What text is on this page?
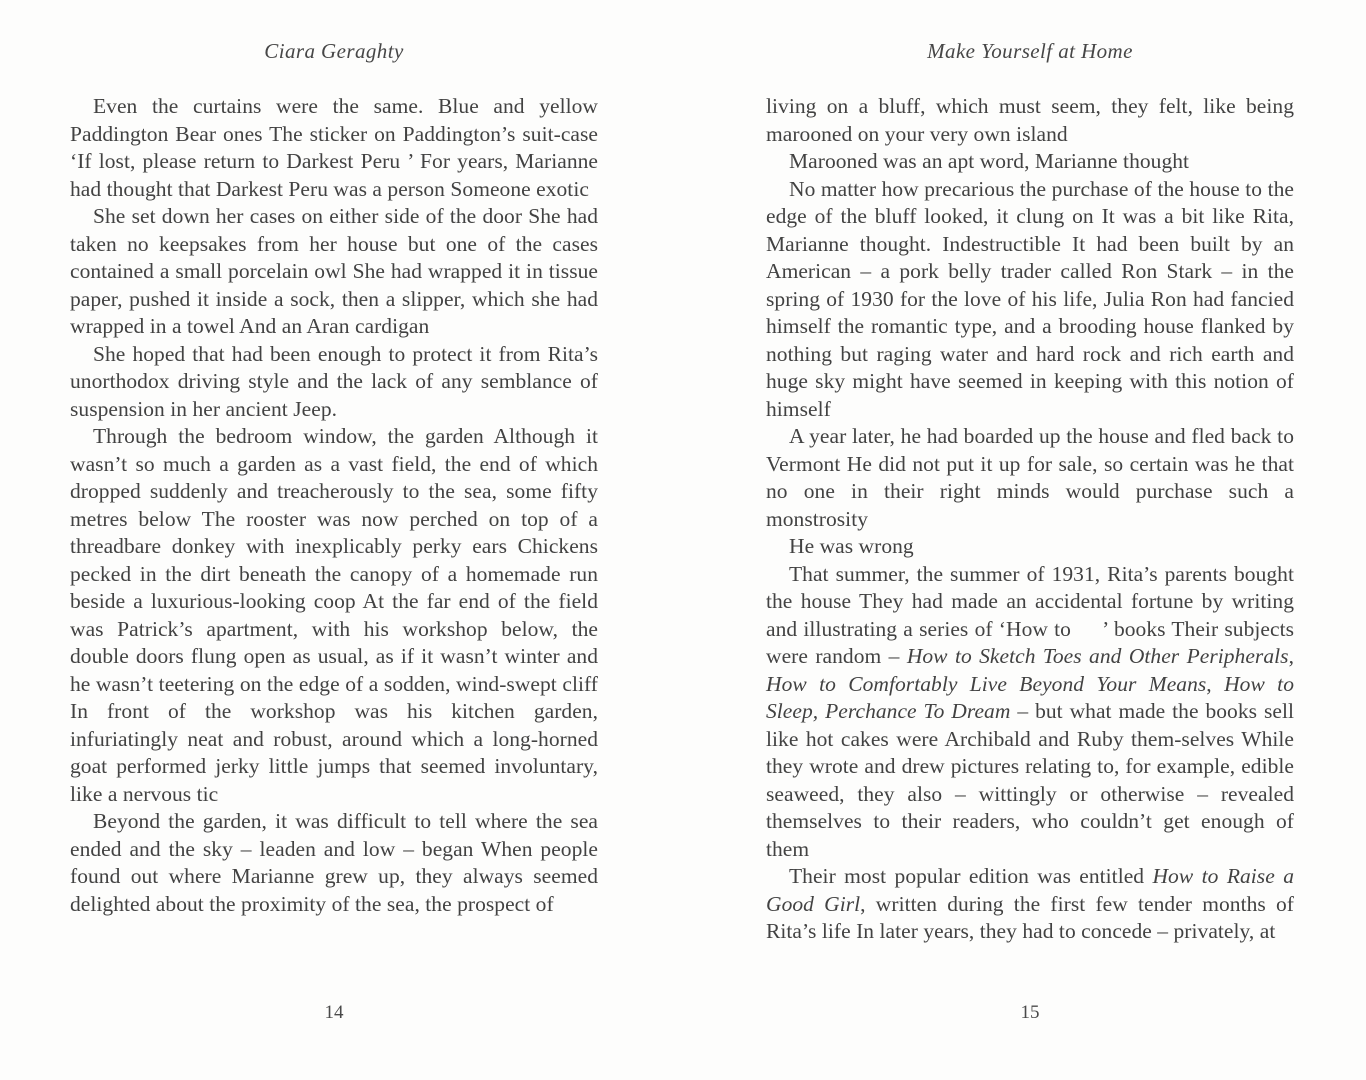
Ciara Geraghty

Even the curtains were the same. Blue and yellow Paddington Bear ones The sticker on Paddington’s suit-case ‘If lost, please return to Darkest Peru ’ For years, Marianne had thought that Darkest Peru was a person Someone exotic

She set down her cases on either side of the door She had taken no keepsakes from her house but one of the cases contained a small porcelain owl She had wrapped it in tissue paper, pushed it inside a sock, then a slipper, which she had wrapped in a towel And an Aran cardigan

She hoped that had been enough to protect it from Rita’s unorthodox driving style and the lack of any semblance of suspension in her ancient Jeep.

Through the bedroom window, the garden Although it wasn’t so much a garden as a vast field, the end of which dropped suddenly and treacherously to the sea, some fifty metres below The rooster was now perched on top of a threadbare donkey with inexplicably perky ears Chickens pecked in the dirt beneath the canopy of a homemade run beside a luxurious-looking coop At the far end of the field was Patrick’s apartment, with his workshop below, the double doors flung open as usual, as if it wasn’t winter and he wasn’t teetering on the edge of a sodden, wind-swept cliff In front of the workshop was his kitchen garden, infuriatingly neat and robust, around which a long-horned goat performed jerky little jumps that seemed involuntary, like a nervous tic

Beyond the garden, it was difficult to tell where the sea ended and the sky – leaden and low – began When people found out where Marianne grew up, they always seemed delighted about the proximity of the sea, the prospect of

14
Make Yourself at Home

living on a bluff, which must seem, they felt, like being marooned on your very own island

Marooned was an apt word, Marianne thought

No matter how precarious the purchase of the house to the edge of the bluff looked, it clung on It was a bit like Rita, Marianne thought. Indestructible It had been built by an American – a pork belly trader called Ron Stark – in the spring of 1930 for the love of his life, Julia Ron had fancied himself the romantic type, and a brooding house flanked by nothing but raging water and hard rock and rich earth and huge sky might have seemed in keeping with this notion of himself

A year later, he had boarded up the house and fled back to Vermont He did not put it up for sale, so certain was he that no one in their right minds would purchase such a monstrosity

He was wrong

That summer, the summer of 1931, Rita’s parents bought the house They had made an accidental fortune by writing and illustrating a series of ‘How to     ’ books Their subjects were random – How to Sketch Toes and Other Peripherals, How to Comfortably Live Beyond Your Means, How to Sleep, Perchance To Dream – but what made the books sell like hot cakes were Archibald and Ruby them-selves While they wrote and drew pictures relating to, for example, edible seaweed, they also – wittingly or otherwise – revealed themselves to their readers, who couldn’t get enough of them

Their most popular edition was entitled How to Raise a Good Girl, written during the first few tender months of Rita’s life In later years, they had to concede – privately, at

15
